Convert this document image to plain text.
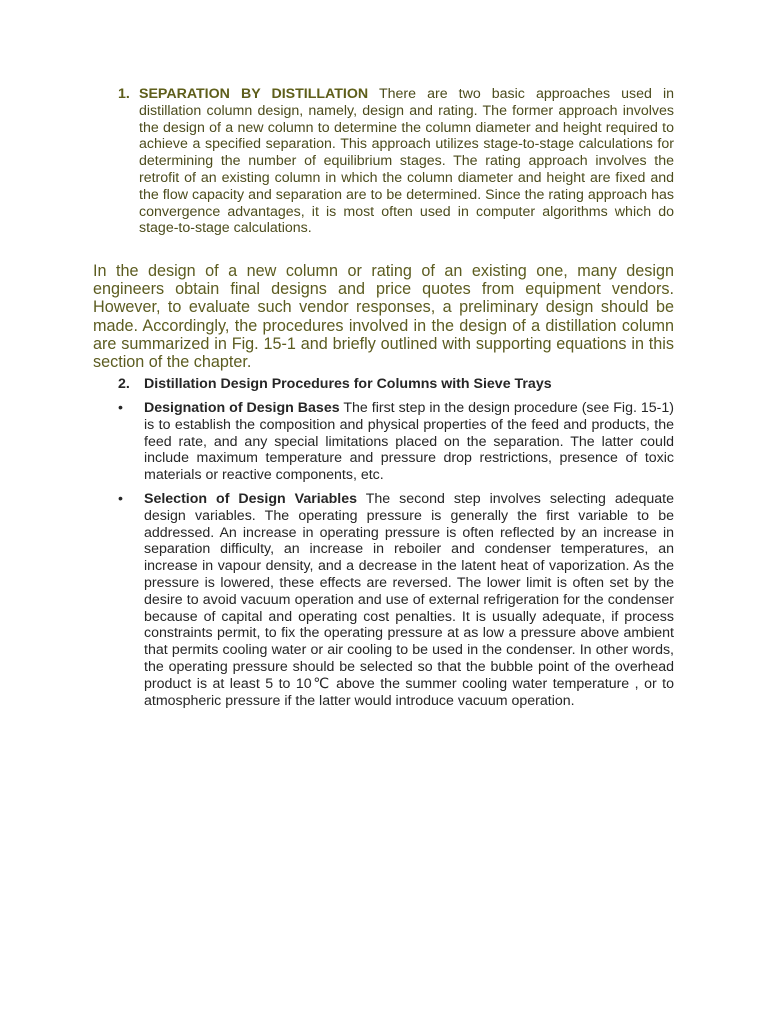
1. SEPARATION BY DISTILLATION There are two basic approaches used in distillation column design, namely, design and rating. The former approach involves the design of a new column to determine the column diameter and height required to achieve a specified separation. This approach utilizes stage-to-stage calculations for determining the number of equilibrium stages. The rating approach involves the retrofit of an existing column in which the column diameter and height are fixed and the flow capacity and separation are to be determined. Since the rating approach has convergence advantages, it is most often used in computer algorithms which do stage-to-stage calculations.
In the design of a new column or rating of an existing one, many design engineers obtain final designs and price quotes from equipment vendors. However, to evaluate such vendor responses, a preliminary design should be made. Accordingly, the procedures involved in the design of a distillation column are summarized in Fig. 15-1 and briefly outlined with supporting equations in this section of the chapter.
2. Distillation Design Procedures for Columns with Sieve Trays
• Designation of Design Bases The first step in the design procedure (see Fig. 15-1) is to establish the composition and physical properties of the feed and products, the feed rate, and any special limitations placed on the separation. The latter could include maximum temperature and pressure drop restrictions, presence of toxic materials or reactive components, etc.
• Selection of Design Variables The second step involves selecting adequate design variables. The operating pressure is generally the first variable to be addressed. An increase in operating pressure is often reflected by an increase in separation difficulty, an increase in reboiler and condenser temperatures, an increase in vapour density, and a decrease in the latent heat of vaporization. As the pressure is lowered, these effects are reversed. The lower limit is often set by the desire to avoid vacuum operation and use of external refrigeration for the condenser because of capital and operating cost penalties. It is usually adequate, if process constraints permit, to fix the operating pressure at as low a pressure above ambient that permits cooling water or air cooling to be used in the condenser. In other words, the operating pressure should be selected so that the bubble point of the overhead product is at least 5 to 10℃ above the summer cooling water temperature , or to atmospheric pressure if the latter would introduce vacuum operation.
